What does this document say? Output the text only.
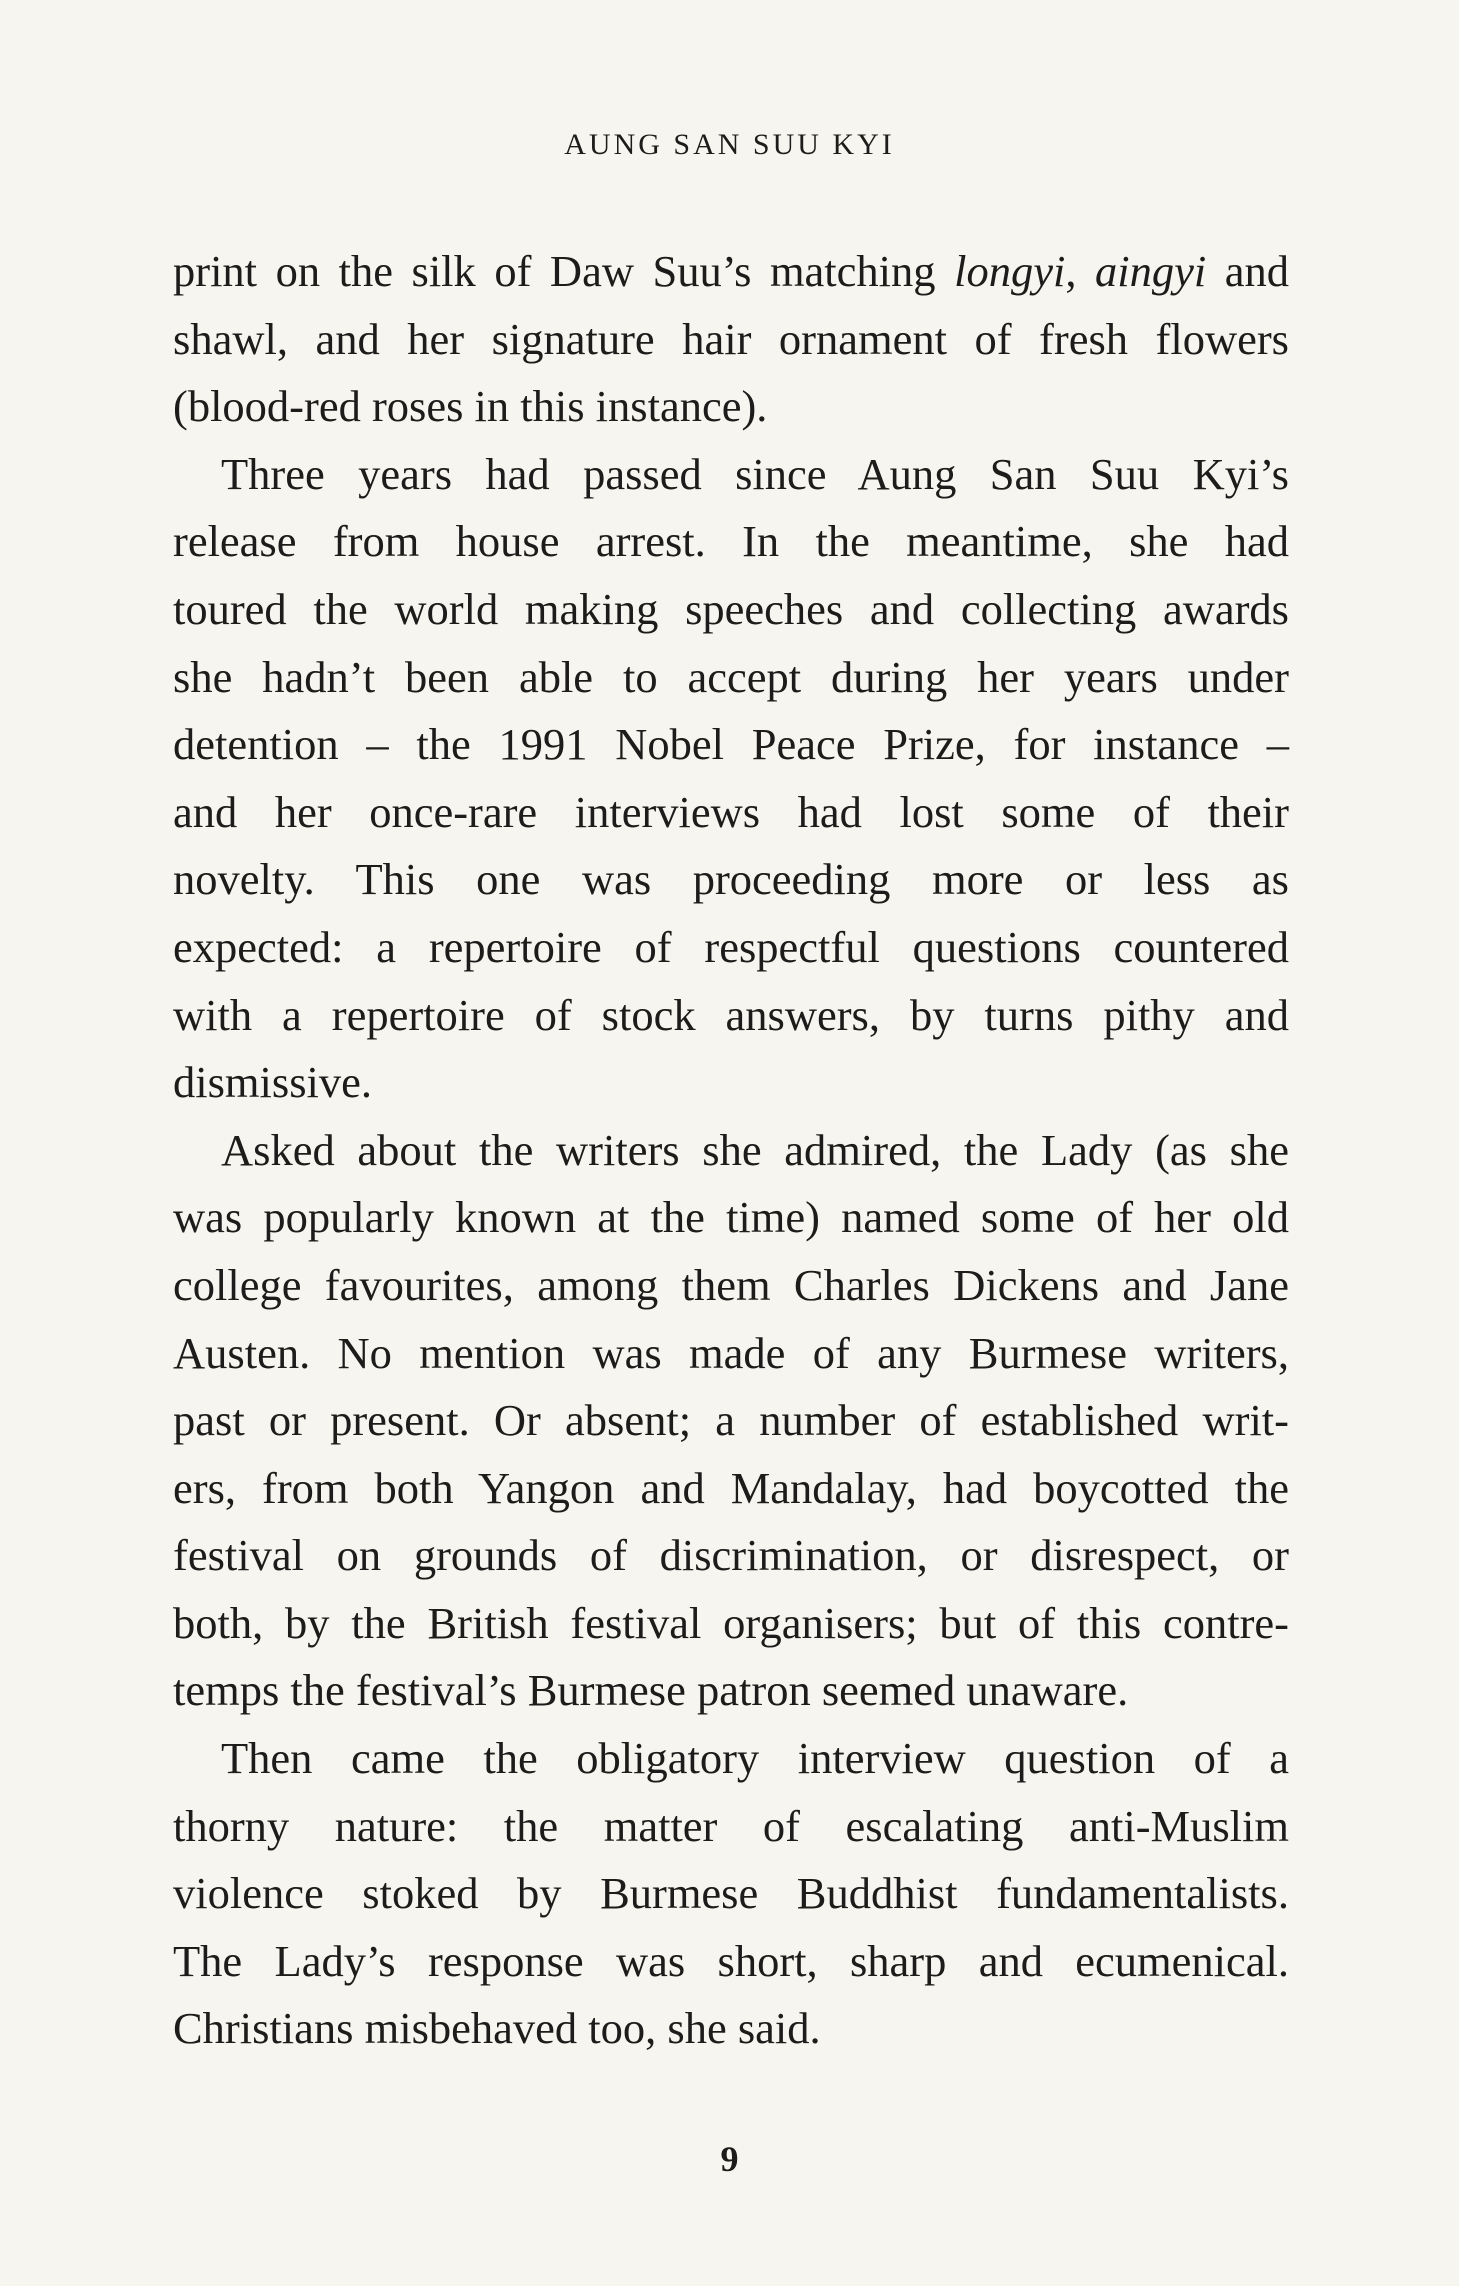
AUNG SAN SUU KYI
print on the silk of Daw Suu’s matching longyi, aingyi and
shawl, and her signature hair ornament of fresh flowers
(blood-red roses in this instance).
Three years had passed since Aung San Suu Kyi’s
release from house arrest. In the meantime, she had
toured the world making speeches and collecting awards
she hadn’t been able to accept during her years under
detention – the 1991 Nobel Peace Prize, for instance –
and her once-rare interviews had lost some of their
novelty. This one was proceeding more or less as
expected: a repertoire of respectful questions countered
with a repertoire of stock answers, by turns pithy and
dismissive.
Asked about the writers she admired, the Lady (as she
was popularly known at the time) named some of her old
college favourites, among them Charles Dickens and Jane
Austen. No mention was made of any Burmese writers,
past or present. Or absent; a number of established writ-
ers, from both Yangon and Mandalay, had boycotted the
festival on grounds of discrimination, or disrespect, or
both, by the British festival organisers; but of this contre-
temps the festival’s Burmese patron seemed unaware.
Then came the obligatory interview question of a
thorny nature: the matter of escalating anti-Muslim
violence stoked by Burmese Buddhist fundamentalists.
The Lady’s response was short, sharp and ecumenical.
Christians misbehaved too, she said.
9
